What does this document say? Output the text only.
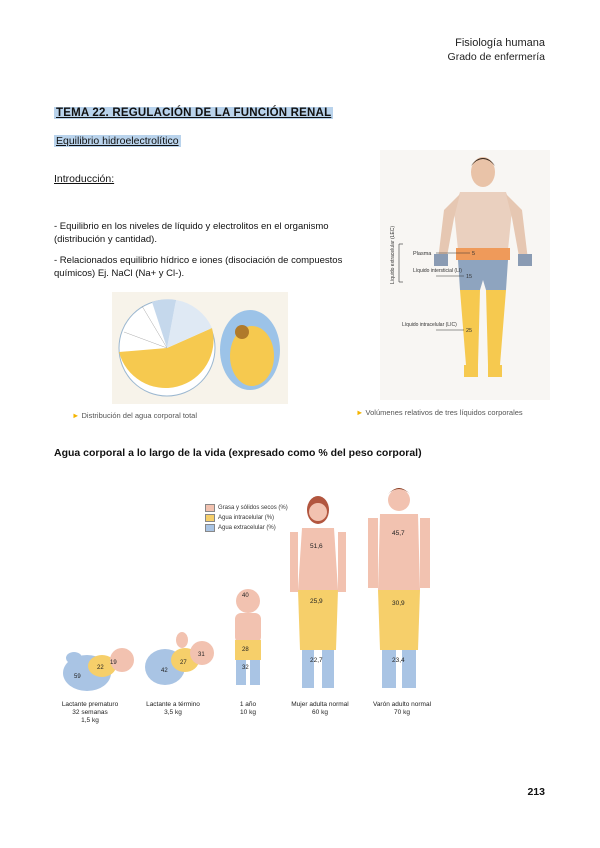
Fisiología humana
Grado de enfermería
TEMA 22. REGULACIÓN DE LA FUNCIÓN RENAL
Equilibrio hidroelectrolítico
Introducción:
- Equilibrio en los niveles de líquido y electrolitos en el organismo (distribución y cantidad).
- Relacionados equilibrio hídrico e iones (disociación de compuestos químicos) Ej. NaCl (Na+ y Cl-).
► Distribución del agua corporal total
Plasma	5
Líquido intersticial (LI)
15
Líquido intracelular (LIC)
25
Líquido extracelular (LEC)
► Volúmenes relativos de tres líquidos corporales
Agua corporal a lo largo de la vida (expresado como % del peso corporal)
Grasa y sólidos secos (%)
Agua intracelular (%)
Agua extracelular (%)
19
22
59
31
27
42
40
28
32
51,6
25,9
22,7
45,7
30,9
23,4
Lactante prematuro
32 semanas
1,5 kg
Lactante a término
3,5 kg
1 año
10 kg
Mujer adulta normal
60 kg
Varón adulto normal
70 kg
213
